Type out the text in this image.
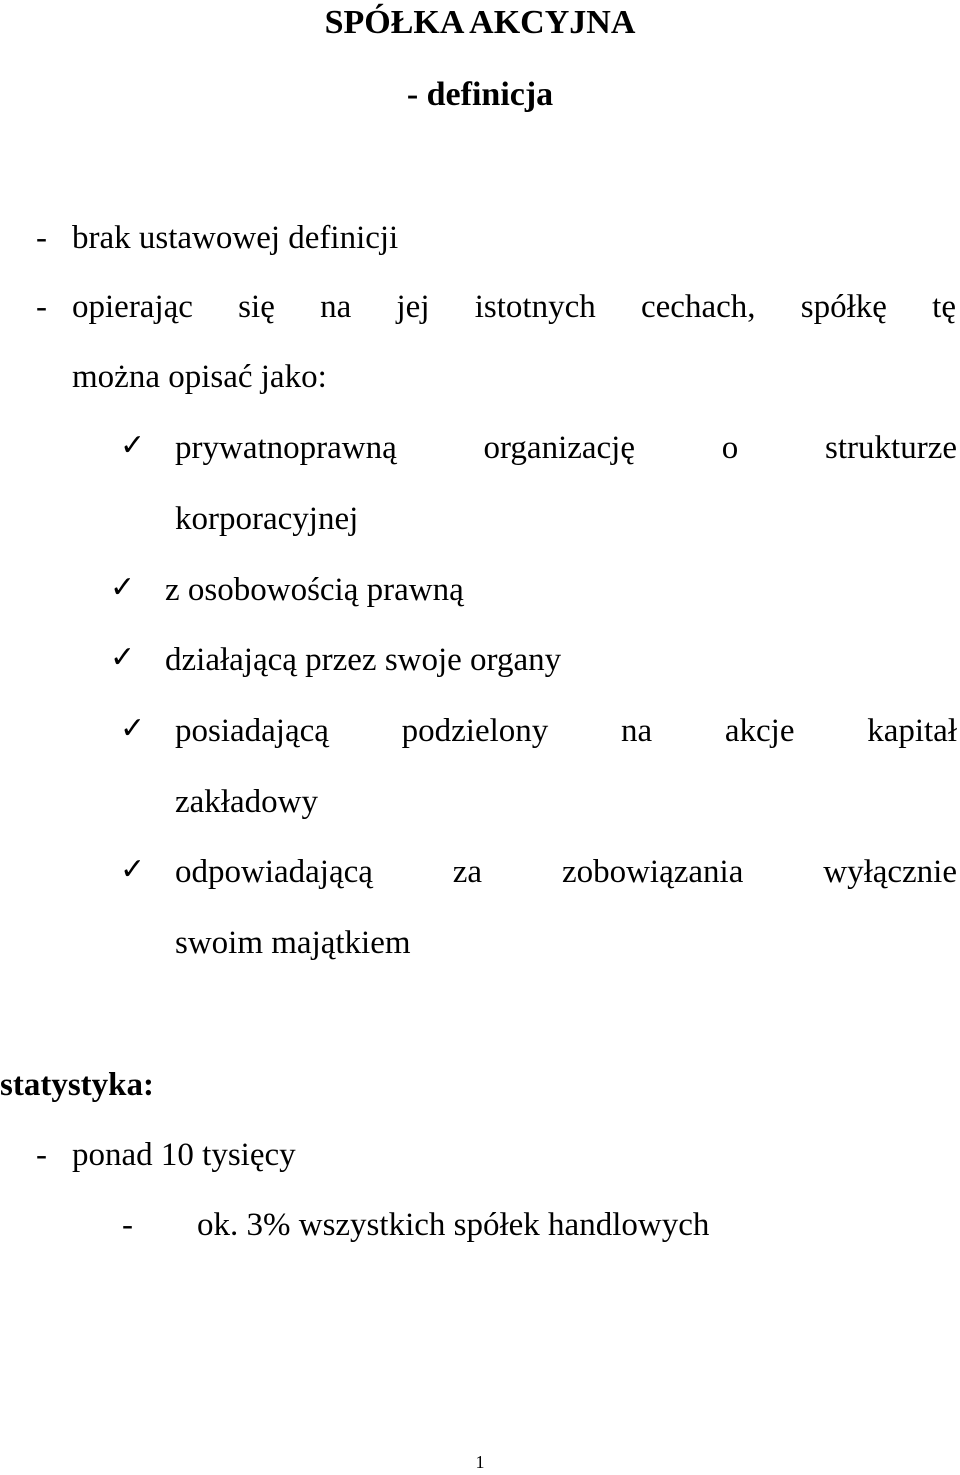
SPÓŁKA AKCYJNA
- definicja
- brak ustawowej definicji
- opierając się na jej istotnych cechach, spółkę tę
można opisać jako:
✓ prywatnoprawną organizację o strukturze
korporacyjnej
✓ z osobowością prawną
✓ działającą przez swoje organy
✓ posiadającą podzielony na akcje kapitał
zakładowy
✓ odpowiadającą za zobowiązania wyłącznie
swoim majątkiem
statystyka:
- ponad 10 tysięcy
- ok. 3% wszystkich spółek handlowych
1
